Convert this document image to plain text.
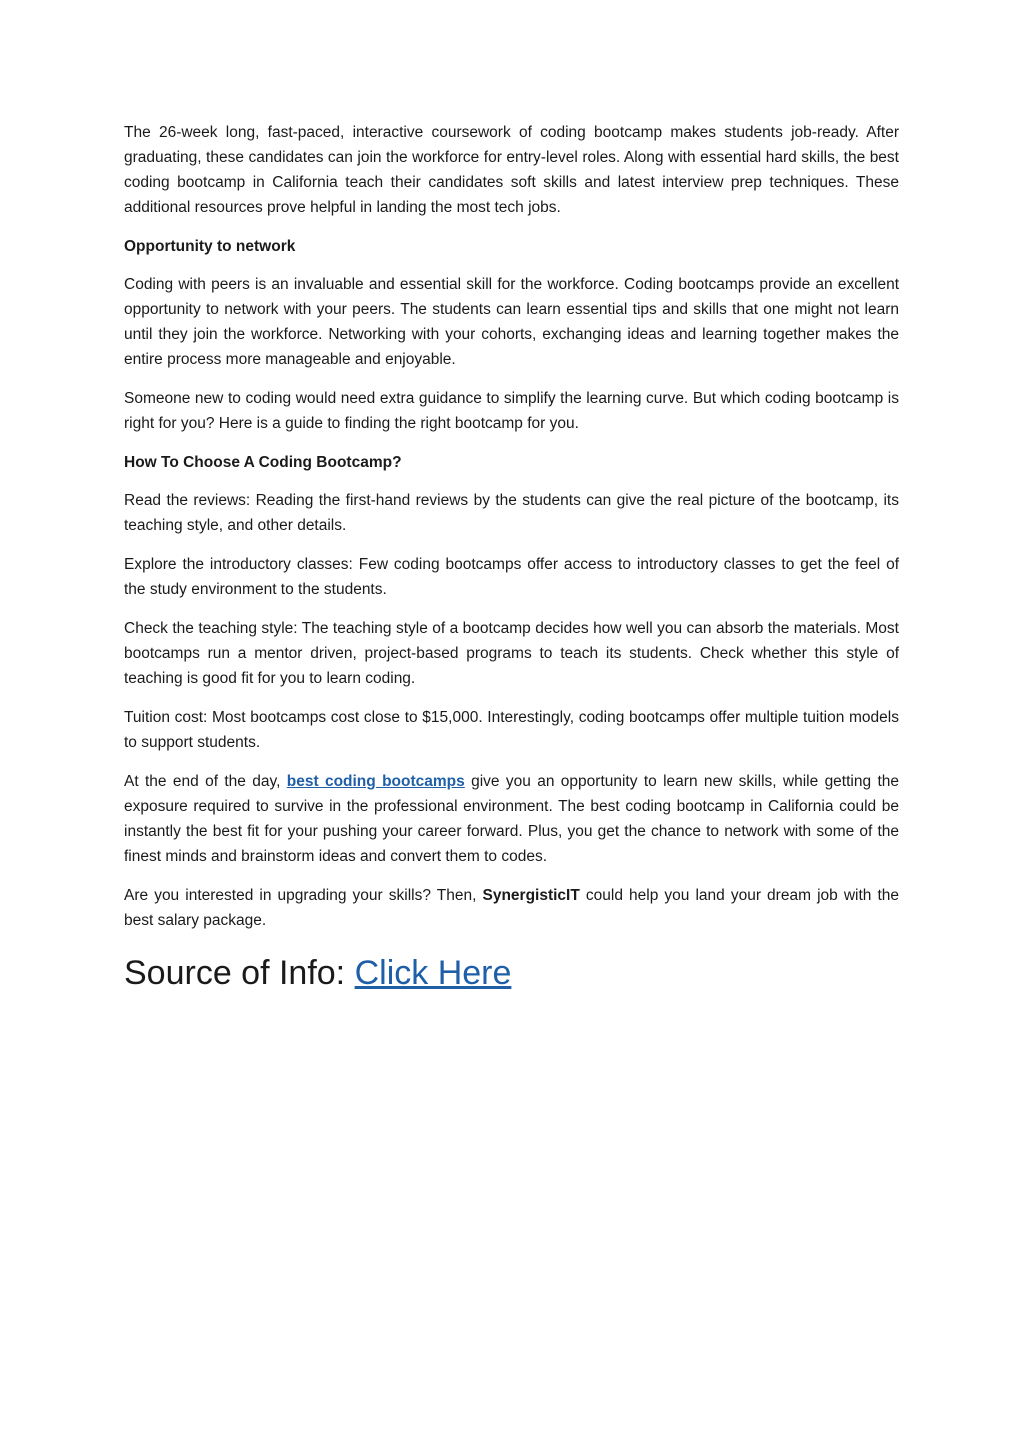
The 26-week long, fast-paced, interactive coursework of coding bootcamp makes students job-ready. After graduating, these candidates can join the workforce for entry-level roles. Along with essential hard skills, the best coding bootcamp in California teach their candidates soft skills and latest interview prep techniques. These additional resources prove helpful in landing the most tech jobs.

Opportunity to network

Coding with peers is an invaluable and essential skill for the workforce. Coding bootcamps provide an excellent opportunity to network with your peers. The students can learn essential tips and skills that one might not learn until they join the workforce. Networking with your cohorts, exchanging ideas and learning together makes the entire process more manageable and enjoyable.

Someone new to coding would need extra guidance to simplify the learning curve. But which coding bootcamp is right for you? Here is a guide to finding the right bootcamp for you.

How To Choose A Coding Bootcamp?

Read the reviews: Reading the first-hand reviews by the students can give the real picture of the bootcamp, its teaching style, and other details.

Explore the introductory classes: Few coding bootcamps offer access to introductory classes to get the feel of the study environment to the students.

Check the teaching style: The teaching style of a bootcamp decides how well you can absorb the materials. Most bootcamps run a mentor driven, project-based programs to teach its students. Check whether this style of teaching is good fit for you to learn coding.

Tuition cost: Most bootcamps cost close to $15,000. Interestingly, coding bootcamps offer multiple tuition models to support students.

At the end of the day, best coding bootcamps give you an opportunity to learn new skills, while getting the exposure required to survive in the professional environment. The best coding bootcamp in California could be instantly the best fit for your pushing your career forward. Plus, you get the chance to network with some of the finest minds and brainstorm ideas and convert them to codes.

Are you interested in upgrading your skills? Then, SynergisticIT could help you land your dream job with the best salary package.

Source of Info: Click Here
